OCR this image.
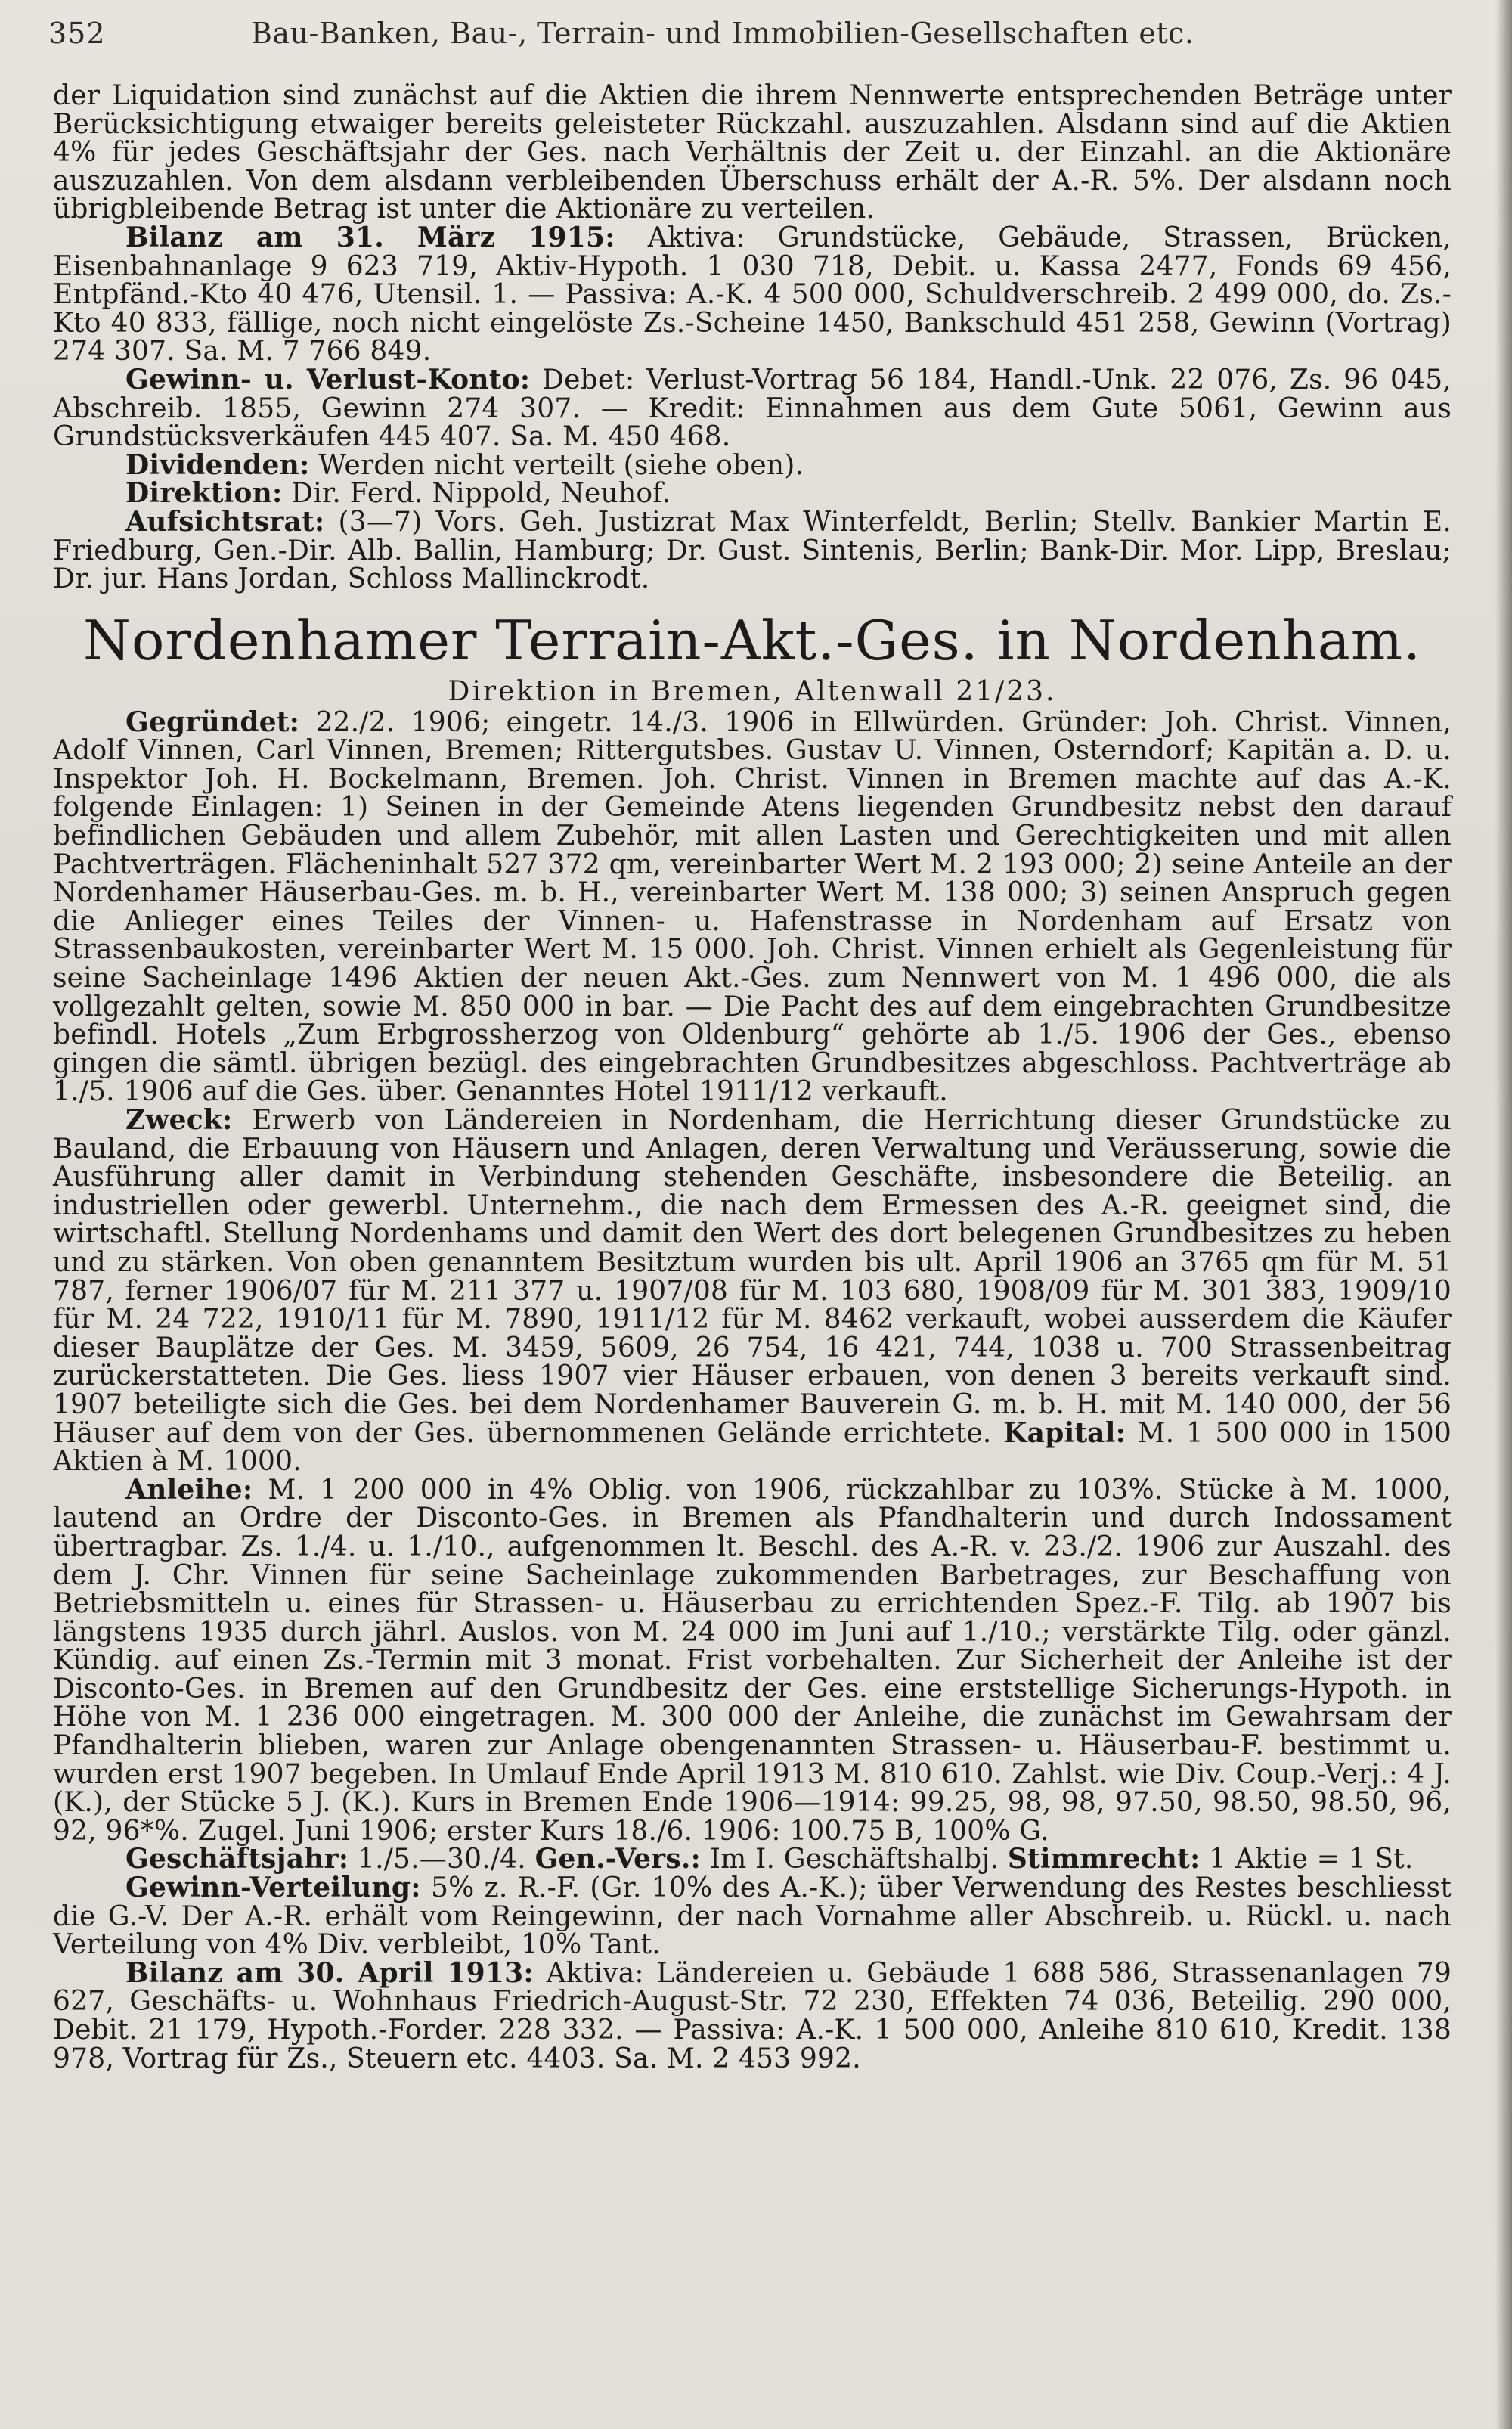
352	Bau-Banken, Bau-, Terrain- und Immobilien-Gesellschaften etc.

der Liquidation sind zunächst auf die Aktien die ihrem Nennwerte entsprechenden Beträge unter Berücksichtigung etwaiger bereits geleisteter Rückzahl. auszuzahlen. Alsdann sind auf die Aktien 4% für jedes Geschäftsjahr der Ges. nach Verhältnis der Zeit u. der Einzahl. an die Aktionäre auszuzahlen. Von dem alsdann verbleibenden Überschuss erhält der A.-R. 5%. Der alsdann noch übrigbleibende Betrag ist unter die Aktionäre zu verteilen.

Bilanz am 31. März 1915: Aktiva: Grundstücke, Gebäude, Strassen, Brücken, Eisenbahnanlage 9 623 719, Aktiv-Hypoth. 1 030 718, Debit. u. Kassa 2477, Fonds 69 456, Entpfänd.-Kto 40 476, Utensil. 1. — Passiva: A.-K. 4 500 000, Schuldverschreib. 2 499 000, do. Zs.-Kto 40 833, fällige, noch nicht eingelöste Zs.-Scheine 1450, Bankschuld 451 258, Gewinn (Vortrag) 274 307. Sa. M. 7 766 849.

Gewinn- u. Verlust-Konto: Debet: Verlust-Vortrag 56 184, Handl.-Unk. 22 076, Zs. 96 045, Abschreib. 1855, Gewinn 274 307. — Kredit: Einnahmen aus dem Gute 5061, Gewinn aus Grundstücksverkäufen 445 407. Sa. M. 450 468.

Dividenden: Werden nicht verteilt (siehe oben).

Direktion: Dir. Ferd. Nippold, Neuhof.

Aufsichtsrat: (3—7) Vors. Geh. Justizrat Max Winterfeldt, Berlin; Stellv. Bankier Martin E. Friedburg, Gen.-Dir. Alb. Ballin, Hamburg; Dr. Gust. Sintenis, Berlin; Bank-Dir. Mor. Lipp, Breslau; Dr. jur. Hans Jordan, Schloss Mallinckrodt.

Nordenhamer Terrain-Akt.-Ges. in Nordenham.
Direktion in Bremen, Altenwall 21/23.

Gegründet: 22./2. 1906; eingetr. 14./3. 1906 in Ellwürden. Gründer: Joh. Christ. Vinnen, Adolf Vinnen, Carl Vinnen, Bremen; Rittergutsbes. Gustav U. Vinnen, Osterndorf; Kapitän a. D. u. Inspektor Joh. H. Bockelmann, Bremen. Joh. Christ. Vinnen in Bremen machte auf das A.-K. folgende Einlagen: 1) Seinen in der Gemeinde Atens liegenden Grundbesitz nebst den darauf befindlichen Gebäuden und allem Zubehör, mit allen Lasten und Gerechtigkeiten und mit allen Pachtverträgen. Flächeninhalt 527 372 qm, vereinbarter Wert M. 2 193 000; 2) seine Anteile an der Nordenhamer Häuserbau-Ges. m. b. H., vereinbarter Wert M. 138 000; 3) seinen Anspruch gegen die Anlieger eines Teiles der Vinnen- u. Hafenstrasse in Nordenham auf Ersatz von Strassenbaukosten, vereinbarter Wert M. 15 000. Joh. Christ. Vinnen erhielt als Gegenleistung für seine Sacheinlage 1496 Aktien der neuen Akt.-Ges. zum Nennwert von M. 1 496 000, die als vollgezahlt gelten, sowie M. 850 000 in bar. — Die Pacht des auf dem eingebrachten Grundbesitze befindl. Hotels „Zum Erbgrossherzog von Oldenburg“ gehörte ab 1./5. 1906 der Ges., ebenso gingen die sämtl. übrigen bezügl. des eingebrachten Grundbesitzes abgeschloss. Pachtverträge ab 1./5. 1906 auf die Ges. über. Genanntes Hotel 1911/12 verkauft.

Zweck: Erwerb von Ländereien in Nordenham, die Herrichtung dieser Grundstücke zu Bauland, die Erbauung von Häusern und Anlagen, deren Verwaltung und Veräusserung, sowie die Ausführung aller damit in Verbindung stehenden Geschäfte, insbesondere die Beteilig. an industriellen oder gewerbl. Unternehm., die nach dem Ermessen des A.-R. geeignet sind, die wirtschaftl. Stellung Nordenhams und damit den Wert des dort belegenen Grundbesitzes zu heben und zu stärken. Von oben genanntem Besitztum wurden bis ult. April 1906 an 3765 qm für M. 51 787, ferner 1906/07 für M. 211 377 u. 1907/08 für M. 103 680, 1908/09 für M. 301 383, 1909/10 für M. 24 722, 1910/11 für M. 7890, 1911/12 für M. 8462 verkauft, wobei ausserdem die Käufer dieser Bauplätze der Ges. M. 3459, 5609, 26 754, 16 421, 744, 1038 u. 700 Strassenbeitrag zurückerstatteten. Die Ges. liess 1907 vier Häuser erbauen, von denen 3 bereits verkauft sind. 1907 beteiligte sich die Ges. bei dem Nordenhamer Bauverein G. m. b. H. mit M. 140 000, der 56 Häuser auf dem von der Ges. übernommenen Gelände errichtete. Kapital: M. 1 500 000 in 1500 Aktien à M. 1000.

Anleihe: M. 1 200 000 in 4% Oblig. von 1906, rückzahlbar zu 103%. Stücke à M. 1000, lautend an Ordre der Disconto-Ges. in Bremen als Pfandhalterin und durch Indossament übertragbar. Zs. 1./4. u. 1./10., aufgenommen lt. Beschl. des A.-R. v. 23./2. 1906 zur Auszahl. des dem J. Chr. Vinnen für seine Sacheinlage zukommenden Barbetrages, zur Beschaffung von Betriebsmitteln u. eines für Strassen- u. Häuserbau zu errichtenden Spez.-F. Tilg. ab 1907 bis längstens 1935 durch jährl. Auslos. von M. 24 000 im Juni auf 1./10.; verstärkte Tilg. oder gänzl. Kündig. auf einen Zs.-Termin mit 3 monat. Frist vorbehalten. Zur Sicherheit der Anleihe ist der Disconto-Ges. in Bremen auf den Grundbesitz der Ges. eine erststellige Sicherungs-Hypoth. in Höhe von M. 1 236 000 eingetragen. M. 300 000 der Anleihe, die zunächst im Gewahrsam der Pfandhalterin blieben, waren zur Anlage obengenannten Strassen- u. Häuserbau-F. bestimmt u. wurden erst 1907 begeben. In Umlauf Ende April 1913 M. 810 610. Zahlst. wie Div. Coup.-Verj.: 4 J. (K.), der Stücke 5 J. (K.). Kurs in Bremen Ende 1906—1914: 99.25, 98, 98, 97.50, 98.50, 98.50, 96, 92, 96*%. Zugel. Juni 1906; erster Kurs 18./6. 1906: 100.75 B, 100% G.

Geschäftsjahr: 1./5.—30./4. Gen.-Vers.: Im I. Geschäftshalbj. Stimmrecht: 1 Aktie = 1 St.

Gewinn-Verteilung: 5% z. R.-F. (Gr. 10% des A.-K.); über Verwendung des Restes beschliesst die G.-V. Der A.-R. erhält vom Reingewinn, der nach Vornahme aller Abschreib. u. Rückl. u. nach Verteilung von 4% Div. verbleibt, 10% Tant.

Bilanz am 30. April 1913: Aktiva: Ländereien u. Gebäude 1 688 586, Strassenanlagen 79 627, Geschäfts- u. Wohnhaus Friedrich-August-Str. 72 230, Effekten 74 036, Beteilig. 290 000, Debit. 21 179, Hypoth.-Forder. 228 332. — Passiva: A.-K. 1 500 000, Anleihe 810 610, Kredit. 138 978, Vortrag für Zs., Steuern etc. 4403. Sa. M. 2 453 992.
